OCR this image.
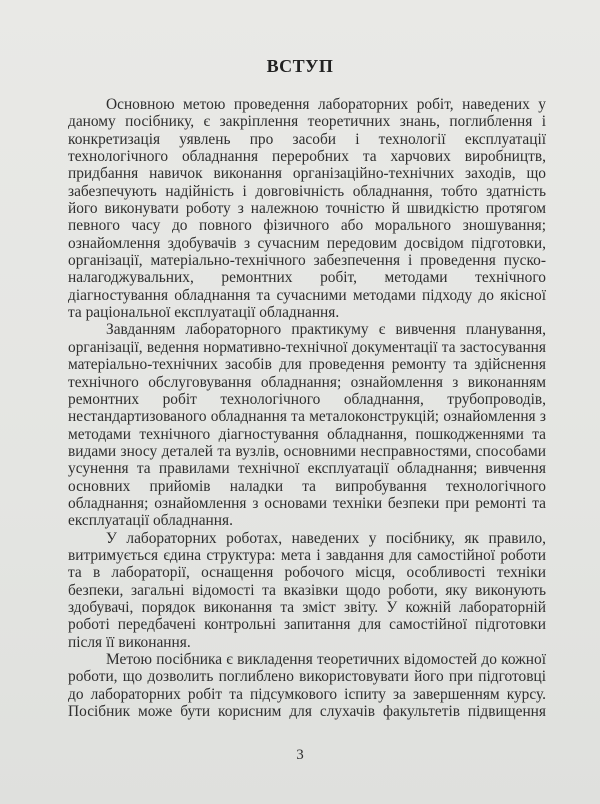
ВСТУП
Основною метою проведення лабораторних робіт, наведених у
даному посібнику, є закріплення теоретичних знань, поглиблення і
конкретизація уявлень про засоби і технології експлуатації
технологічного обладнання переробних та харчових виробництв,
придбання навичок виконання організаційно-технічних заходів, що
забезпечують надійність і довговічність обладнання, тобто здатність
його виконувати роботу з належною точністю й швидкістю протягом
певного часу до повного фізичного або морального зношування;
ознайомлення здобувачів з сучасним передовим досвідом підготовки,
організації, матеріально-технічного забезпечення і проведення пуско-
налагоджувальних, ремонтних робіт, методами технічного
діагностування обладнання та сучасними методами підходу до якісної
та раціональної експлуатації обладнання.
Завданням лабораторного практикуму є вивчення планування,
організації, ведення нормативно-технічної документації та застосування
матеріально-технічних засобів для проведення ремонту та здійснення
технічного обслуговування обладнання; ознайомлення з виконанням
ремонтних робіт технологічного обладнання, трубопроводів,
нестандартизованого обладнання та металоконструкцій; ознайомлення з
методами технічного діагностування обладнання, пошкодженнями та
видами зносу деталей та вузлів, основними несправностями, способами
усунення та правилами технічної експлуатації обладнання; вивчення
основних прийомів наладки та випробування технологічного
обладнання; ознайомлення з основами техніки безпеки при ремонті та
експлуатації обладнання.
У лабораторних роботах, наведених у посібнику, як правило,
витримується єдина структура: мета і завдання для самостійної роботи
та в лабораторії, оснащення робочого місця, особливості техніки
безпеки, загальні відомості та вказівки щодо роботи, яку виконують
здобувачі, порядок виконання та зміст звіту. У кожній лабораторній
роботі передбачені контрольні запитання для самостійної підготовки
після її виконання.
Метою посібника є викладення теоретичних відомостей до кожної
роботи, що дозволить поглиблено використовувати його при підготовці
до лабораторних робіт та підсумкового іспиту за завершенням курсу.
Посібник може бути корисним для слухачів факультетів підвищення
3
